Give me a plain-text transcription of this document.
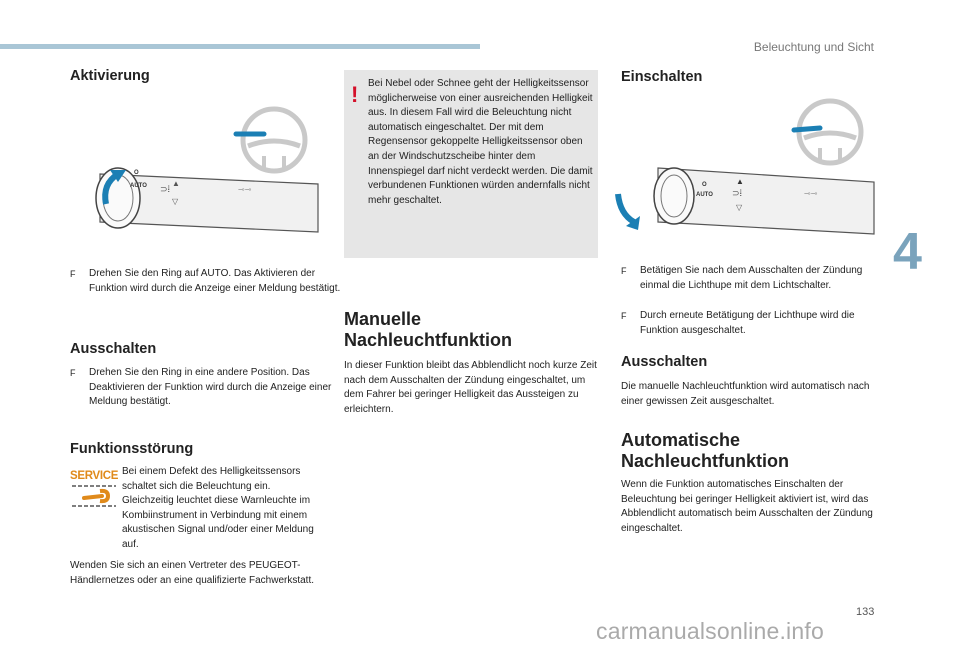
Beleuchtung und Sicht
4
Aktivierung
O
AUTO ⊃ⵂ
▲
▽
⊸⊸
F Drehen Sie den Ring auf AUTO. Das Aktivieren der Funktion wird durch die Anzeige einer Meldung bestätigt.
Ausschalten
F Drehen Sie den Ring in eine andere Position. Das Deaktivieren der Funktion wird durch die Anzeige einer Meldung bestätigt.
Funktionsstörung
SERVICE Bei einem Defekt des Helligkeitssensors schaltet sich die Beleuchtung ein. Gleichzeitig leuchtet diese Warnleuchte im Kombiinstrument in Verbindung mit einem akustischen Signal und/oder einer Meldung auf.
Wenden Sie sich an einen Vertreter des PEUGEOT-Händlernetzes oder an eine qualifizierte Fachwerkstatt.
! Bei Nebel oder Schnee geht der Helligkeitssensor möglicherweise von einer ausreichenden Helligkeit aus. In diesem Fall wird die Beleuchtung nicht automatisch eingeschaltet. Der mit dem Regensensor gekoppelte Helligkeitssensor oben an der Windschutzscheibe hinter dem Innenspiegel darf nicht verdeckt werden. Die damit verbundenen Funktionen würden andernfalls nicht mehr geschaltet.
Manuelle
Nachleuchtfunktion
In dieser Funktion bleibt das Abblendlicht noch kurze Zeit nach dem Ausschalten der Zündung eingeschaltet, um dem Fahrer bei geringer Helligkeit das Aussteigen zu erleichtern.
Einschalten
O
AUTO ⊃ⵂ
▲
▽
⊸⊸
F Betätigen Sie nach dem Ausschalten der Zündung einmal die Lichthupe mit dem Lichtschalter.
F Durch erneute Betätigung der Lichthupe wird die Funktion ausgeschaltet.
Ausschalten
Die manuelle Nachleuchtfunktion wird automatisch nach einer gewissen Zeit ausgeschaltet.
Automatische
Nachleuchtfunktion
Wenn die Funktion automatisches Einschalten der Beleuchtung bei geringer Helligkeit aktiviert ist, wird das Abblendlicht automatisch beim Ausschalten der Zündung eingeschaltet.
133
carmanualsonline.info
